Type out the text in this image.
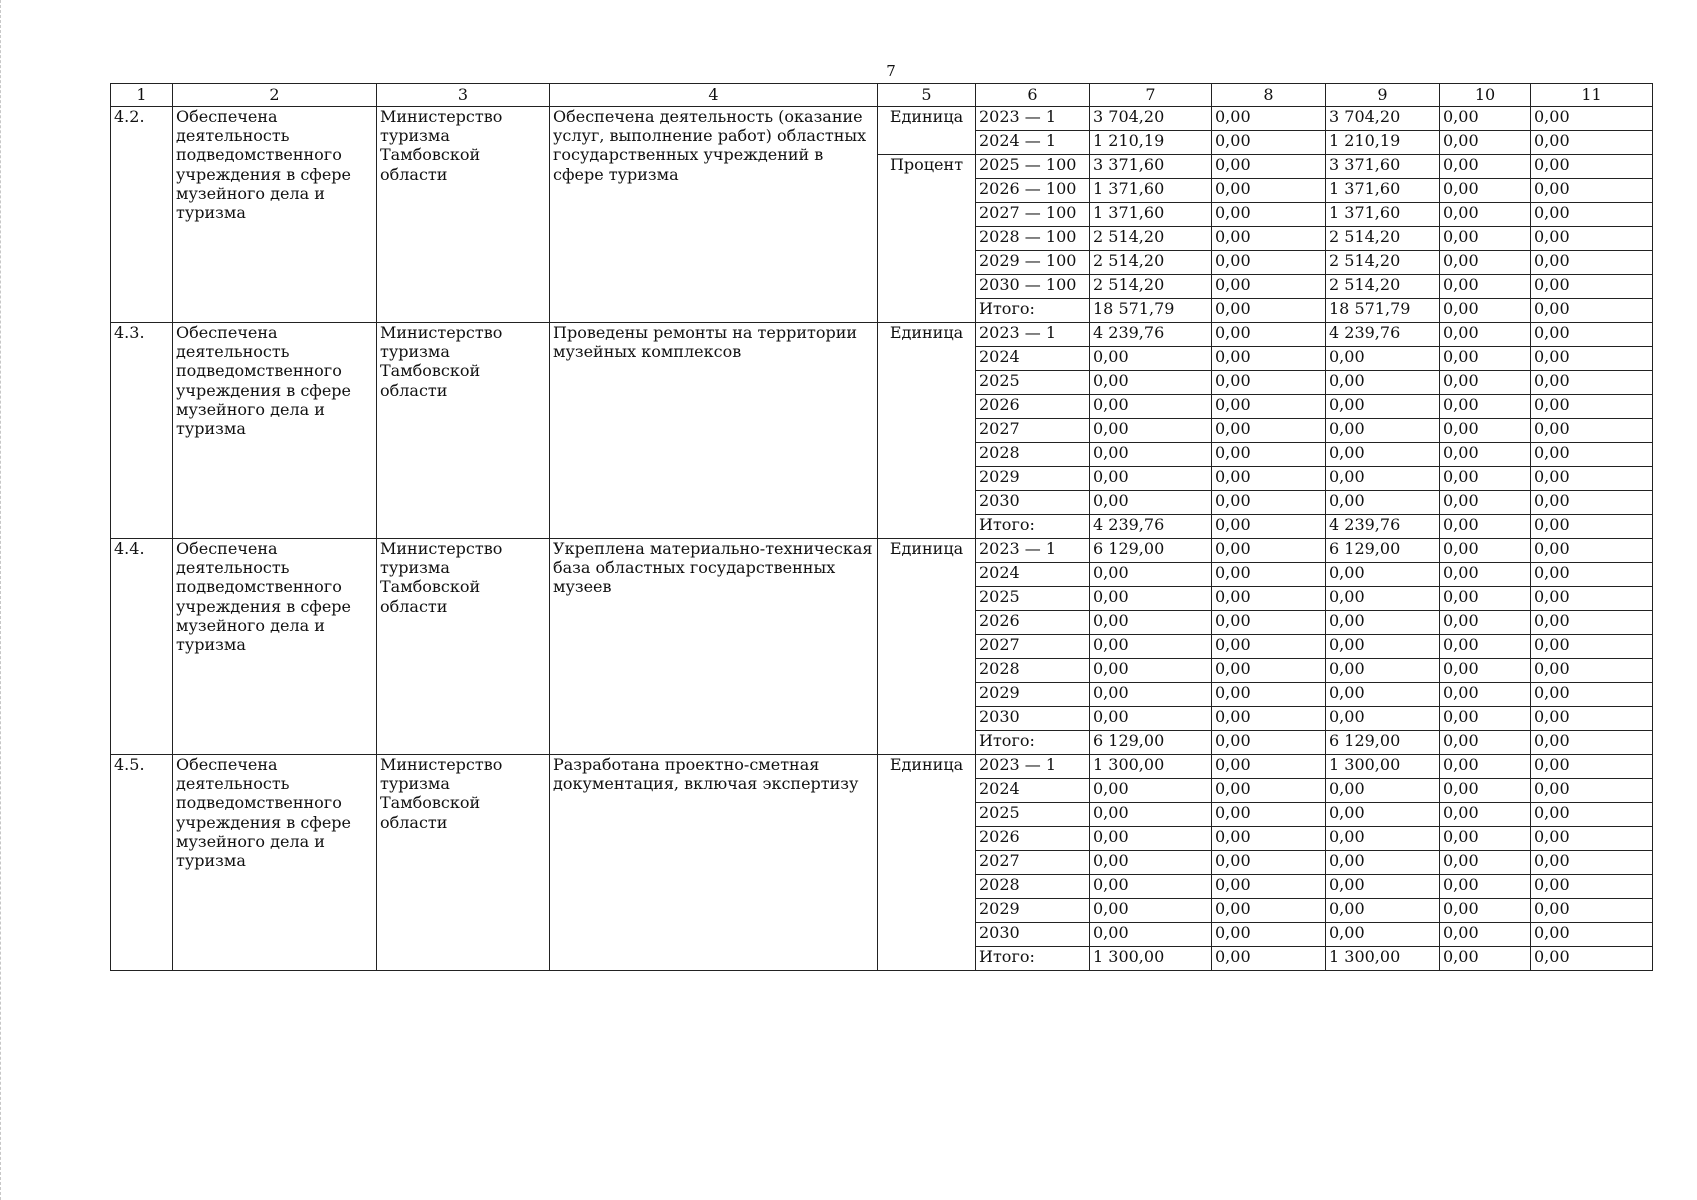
7
1	2	3	4	5	6	7	8	9	10	11
4.2.	Обеспечена деятельность подведомственного учреждения в сфере музейного дела и туризма	Министерство туризма Тамбовской области	Обеспечена деятельность (оказание услуг, выполнение работ) областных государственных учреждений в сфере туризма	Единица	2023 — 1	3 704,20	0,00	3 704,20	0,00	0,00
					2024 — 1	1 210,19	0,00	1 210,19	0,00	0,00
				Процент	2025 — 100	3 371,60	0,00	3 371,60	0,00	0,00
					2026 — 100	1 371,60	0,00	1 371,60	0,00	0,00
					2027 — 100	1 371,60	0,00	1 371,60	0,00	0,00
					2028 — 100	2 514,20	0,00	2 514,20	0,00	0,00
					2029 — 100	2 514,20	0,00	2 514,20	0,00	0,00
					2030 — 100	2 514,20	0,00	2 514,20	0,00	0,00
					Итого:	18 571,79	0,00	18 571,79	0,00	0,00
4.3.	Обеспечена деятельность подведомственного учреждения в сфере музейного дела и туризма	Министерство туризма Тамбовской области	Проведены ремонты на территории музейных комплексов	Единица	2023 — 1	4 239,76	0,00	4 239,76	0,00	0,00
					2024	0,00	0,00	0,00	0,00	0,00
					2025	0,00	0,00	0,00	0,00	0,00
					2026	0,00	0,00	0,00	0,00	0,00
					2027	0,00	0,00	0,00	0,00	0,00
					2028	0,00	0,00	0,00	0,00	0,00
					2029	0,00	0,00	0,00	0,00	0,00
					2030	0,00	0,00	0,00	0,00	0,00
					Итого:	4 239,76	0,00	4 239,76	0,00	0,00
4.4.	Обеспечена деятельность подведомственного учреждения в сфере музейного дела и туризма	Министерство туризма Тамбовской области	Укреплена материально-техническая база областных государственных музеев	Единица	2023 — 1	6 129,00	0,00	6 129,00	0,00	0,00
					2024	0,00	0,00	0,00	0,00	0,00
					2025	0,00	0,00	0,00	0,00	0,00
					2026	0,00	0,00	0,00	0,00	0,00
					2027	0,00	0,00	0,00	0,00	0,00
					2028	0,00	0,00	0,00	0,00	0,00
					2029	0,00	0,00	0,00	0,00	0,00
					2030	0,00	0,00	0,00	0,00	0,00
					Итого:	6 129,00	0,00	6 129,00	0,00	0,00
4.5.	Обеспечена деятельность подведомственного учреждения в сфере музейного дела и туризма	Министерство туризма Тамбовской области	Разработана проектно-сметная документация, включая экспертизу	Единица	2023 — 1	1 300,00	0,00	1 300,00	0,00	0,00
					2024	0,00	0,00	0,00	0,00	0,00
					2025	0,00	0,00	0,00	0,00	0,00
					2026	0,00	0,00	0,00	0,00	0,00
					2027	0,00	0,00	0,00	0,00	0,00
					2028	0,00	0,00	0,00	0,00	0,00
					2029	0,00	0,00	0,00	0,00	0,00
					2030	0,00	0,00	0,00	0,00	0,00
					Итого:	1 300,00	0,00	1 300,00	0,00	0,00
